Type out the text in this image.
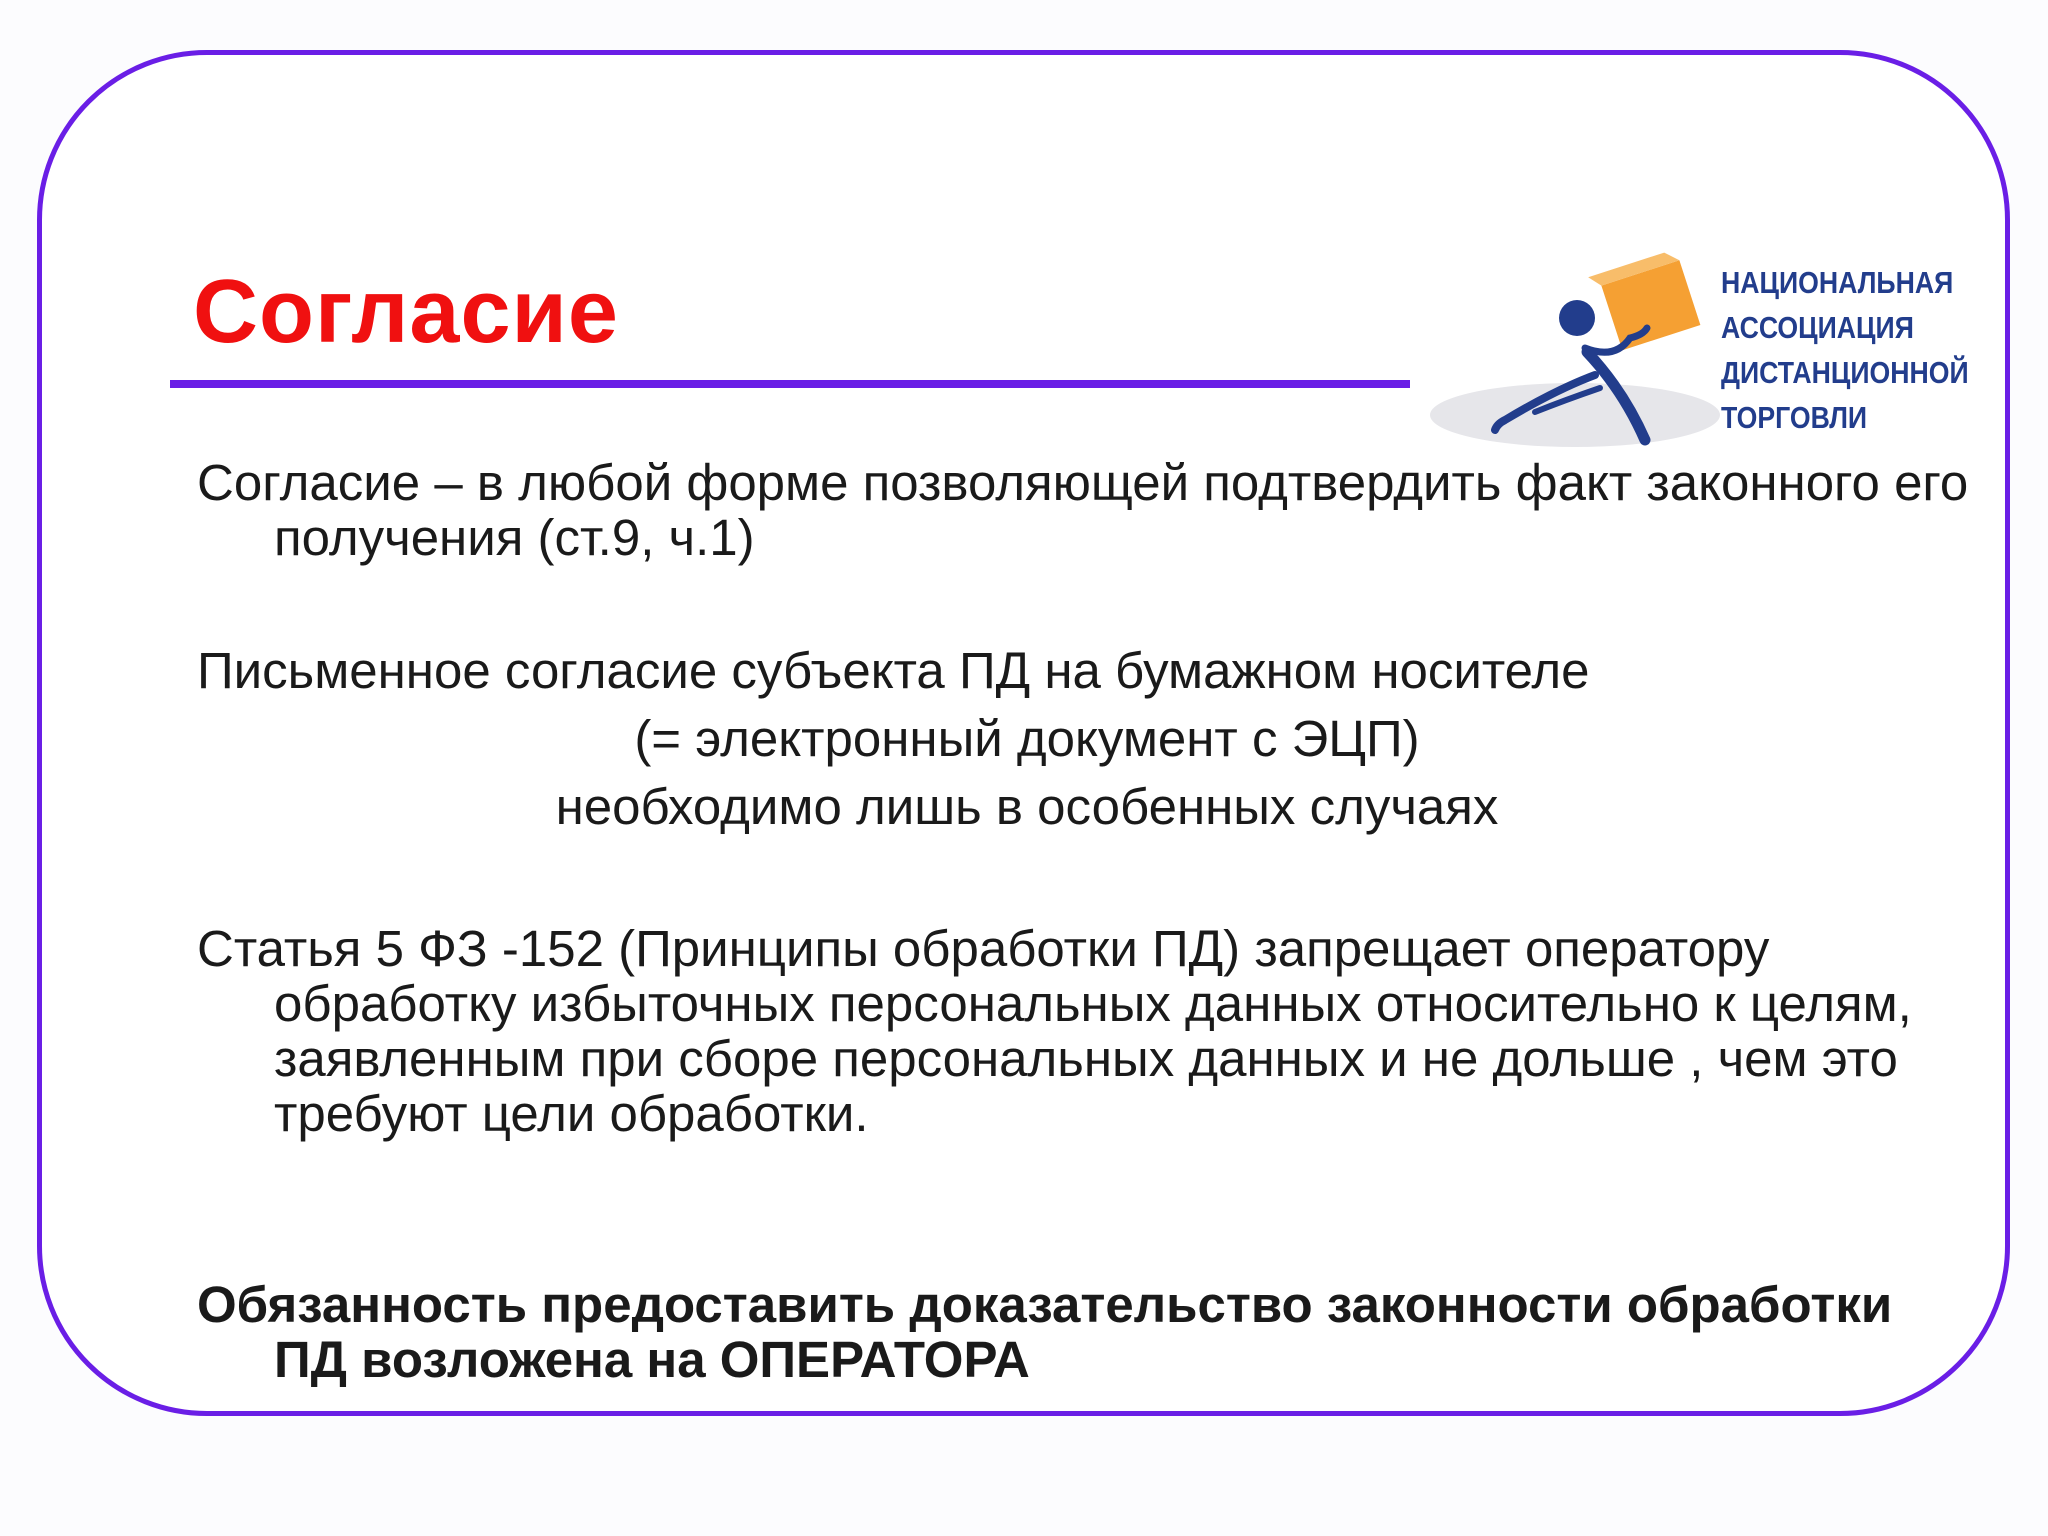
Согласие	НАЦИОНАЛЬНАЯ
АССОЦИАЦИЯ
ДИСТАНЦИОННОЙ
ТОРГОВЛИ

Согласие – в любой форме позволяющей подтвердить факт законного его получения (ст.9, ч.1)

Письменное согласие субъекта ПД на бумажном носителе

(= электронный документ с ЭЦП)

необходимо лишь в особенных случаях

Статья 5 ФЗ -152 (Принципы обработки ПД) запрещает оператору обработку избыточных персональных данных относительно к целям, заявленным при сборе персональных данных и не дольше , чем это требуют цели обработки.

Обязанность предоставить доказательство законности обработки ПД возложена на ОПЕРАТОРА
